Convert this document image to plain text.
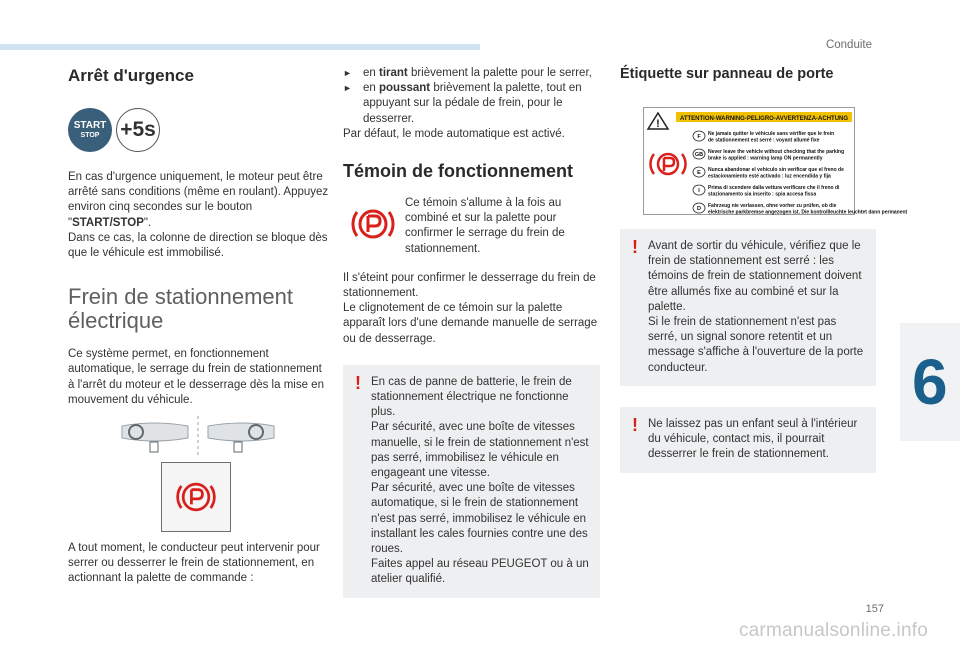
Conduite
6
157
carmanualsonline.info
Arrêt d'urgence
START
STOP +5s

En cas d'urgence uniquement, le moteur peut être arrêté sans conditions (même en roulant). Appuyez environ cinq secondes sur le bouton "START/STOP".
Dans ce cas, la colonne de direction se bloque dès que le véhicule est immobilisé.

Frein de stationnement
électrique

Ce système permet, en fonctionnement automatique, le serrage du frein de stationnement à l'arrêt du moteur et le desserrage dès la mise en mouvement du véhicule.

A tout moment, le conducteur peut intervenir pour serrer ou desserrer le frein de stationnement, en actionnant la palette de commande :

► en tirant brièvement la palette pour le serrer,
► en poussant brièvement la palette, tout en appuyant sur la pédale de frein, pour le desserrer.

Par défaut, le mode automatique est activé.

Témoin de fonctionnement

Ce témoin s'allume à la fois au combiné et sur la palette pour confirmer le serrage du frein de stationnement.

Il s'éteint pour confirmer le desserrage du frein de stationnement.

Le clignotement de ce témoin sur la palette apparaît lors d'une demande manuelle de serrage ou de desserrage.

! En cas de panne de batterie, le frein de stationnement électrique ne fonctionne plus.
Par sécurité, avec une boîte de vitesses manuelle, si le frein de stationnement n'est pas serré, immobilisez le véhicule en engageant une vitesse.
Par sécurité, avec une boîte de vitesses automatique, si le frein de stationnement n'est pas serré, immobilisez le véhicule en installant les cales fournies contre une des roues.
Faites appel au réseau PEUGEOT ou à un atelier qualifié.

Étiquette sur panneau de porte
!	ATTENTION-WARNING-PELIGRO-AVVERTENZA-ACHTUNG
F Ne jamais quitter le véhicule sans vérifier que le frein
de stationnement est serré : voyant allumé fixe
GB Never leave the vehicle without checking that the parking
brake is applied : warning lamp ON permanently
E Nunca abandonar el vehiculo sin verificar que el freno de
estacionamiento esté activado : luz encendida y fija
I Prima di scendere dalla vettura verificare che il freno di
stazionamento sia inserito : spia accesa fissa
D Fahrzeug nie verlassen, ohne vorher zu prüfen, ob die
elektrische parkbremse angezogen ist. Die kontrollleuchte leuchtet dann permanent
! Avant de sortir du véhicule, vérifiez que le frein de stationnement est serré : les témoins de frein de stationnement doivent être allumés fixe au combiné et sur la palette.
Si le frein de stationnement n'est pas serré, un signal sonore retentit et un message s'affiche à l'ouverture de la porte conducteur.

! Ne laissez pas un enfant seul à l'intérieur du véhicule, contact mis, il pourrait desserrer le frein de stationnement.
